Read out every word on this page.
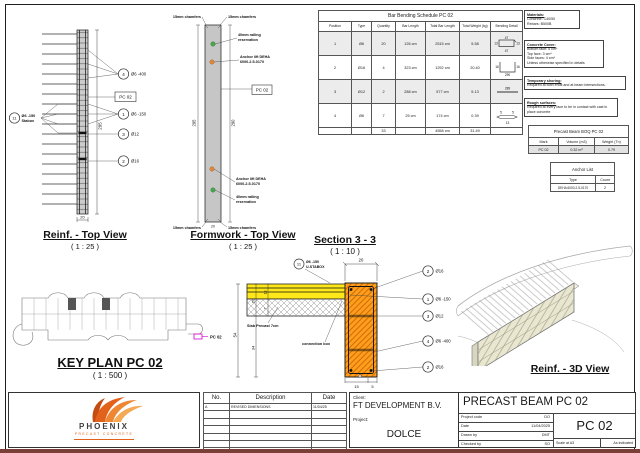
295
20
4 Ø6 -400
PC 02
1 Ø6 -150
3 Ø12
2 Ø16
11 Ø6 -150
Stabox
Reinf. - Top View
( 1 : 25 )
15mm chamfers	15mm chamfers
40mm railing
reservation
Anchor lift DEHA
6000-2.5-0170
PC 02
Anchor lift DEHA
6000-2.5-0170
40mm railing
reservation
15mm chamfers	15mm chamfers
295	290
20
Formwork - Top View
( 1 : 25 )
Bar Bending Schedule PC 02						
Position	Type	Quantity	Bar Length	Total Bar Length	Total Weight (kg)	Bending Detail
1	Ø6	20	126 cm	2515 cm	5.58	47
47
13 13

2	Ø16	4	323 cm	1292 cm	20.40	16 16
290

3	Ø12	2	288 cm	577 cm	5.13	289

4	Ø6	7	25 cm	174 cm	0.39	5 5
13

		33		4558 cm	31.49	
Materials:
Concrete: C40/50
Rebars: B500B
Concrete Cover:
Bottom face: 5 cm*
Top face: 3 cm*
Side faces: 4 cm*
Unless otherwise specified in details
Temporary shoring:
Required at both ends and at beam intersections.
Rough surfaces:
Required at every face to be in contact with cast in place concrete
Precast Beam BOQ PC 02		
Mark	Volume (m3)	Weight (Tn)
PC 02	0.32 m³	0.79
Anchor List	
Type	Count
DEHA 6000-2.5-0170	2
Section 3 - 3
( 1 : 10 )
20
54
20
34
13
7
15	5
11 Ø6 -150
U-STABOX
Slab Precast 7cm
connection box
2 Ø16
1 Ø6 -150
3 Ø12
4 Ø6 -400
2 Ø16
PC 02
KEY PLAN PC 02
( 1 : 500 )
Reinf. - 3D View
PHOENIX
PRECAST CONCRETE
No.	Description	Date
A	REVISED DIMENSIONS	11/04/25

Client:
FT DEVELOPMENT B.V.
Project:
DOLCE
PRECAST BEAM PC 02
Project code	DO
Date	11/04/2025
Drawn by	DMT
Checked by	SO
PC 02
Scale at A3	As indicated
